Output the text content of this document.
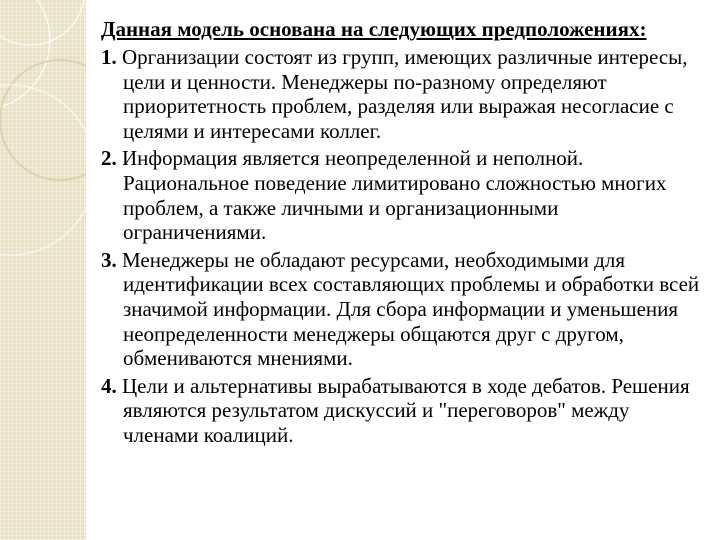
Данная модель основана на следующих предположениях:

1. Организации состоят из групп, имеющих различные интересы, цели и ценности. Менеджеры по-разному определяют приоритетность проблем, разделяя или выражая несогласие с целями и интересами коллег.

2. Информация является неопределенной и неполной. Рациональное поведение лимитировано сложностью многих проблем, а также личными и организационными ограничениями.

3. Менеджеры не обладают ресурсами, необходимыми для идентификации всех составляющих проблемы и обработки всей значимой информации. Для сбора информации и уменьшения неопределенности менеджеры общаются друг с другом, обмениваются мнениями.

4. Цели и альтернативы вырабатываются в ходе дебатов. Решения являются результатом дискуссий и "переговоров" между членами коалиций.
